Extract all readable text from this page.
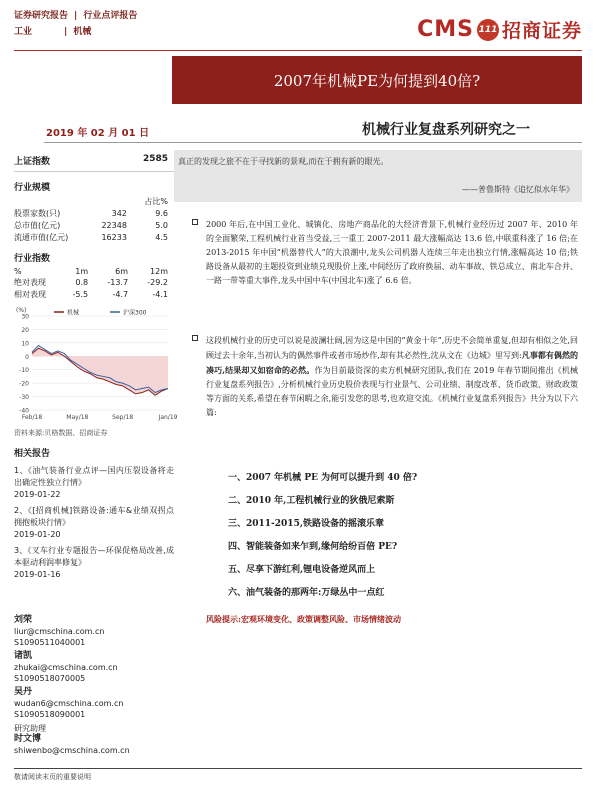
证券研究报告 | 行业点评报告
工业	| 机械	CMS 111 招商证券
2007年机械PE为何提到40倍?
2019 年 02 月 01 日	机械行业复盘系列研究之一
上证指数	2585
行业规模
		占比%
股票家数(只)	342	9.6
总市值(亿元)	22348	5.0
流通市值(亿元)	16233	4.5
行业指数
%	1m	6m	12m
绝对表现	0.8	-13.7	-29.2
相对表现	-5.5	-4.7	-4.1
30
20
10
0
-10
-20
-30
-40
(%)
Feb/18	May/18	Sep/18	Jan/19
机械	沪深300
资料来源:贝格数据、招商证券
相关报告
1、《油气装备行业点评—国内压裂设备将走出确定性独立行情》
2019-01-22
2、《[招商机械]铁路设备:通车&业绩双拐点 拥抱板块行情》
2019-01-20
3、《叉车行业专题报告—环保促格局改善,成本驱动利润率修复》
2019-01-16
刘荣
liur@cmschina.com.cn
S1090511040001
诸凯
zhukai@cmschina.com.cn
S1090518070005
吴丹
wudan6@cmschina.com.cn
S1090518090001
研究助理
时文博
shiwenbo@cmschina.com.cn
真正的发现之旅不在于寻找新的景观,而在于拥有新的眼光。
——普鲁斯特《追忆似水年华》
2000 年后,在中国工业化、城镇化、房地产商品化的大经济背景下,机械行业经历过 2007 年、2010 年的全面繁荣,工程机械行业首当受益,三一重工 2007-2011 最大涨幅高达 13.6 倍,中联重科涨了 16 倍;在 2013-2015 年中国“机器替代人”的大浪潮中,龙头公司机器人连续三年走出独立行情,涨幅高达 10 倍;铁路设备从最初的主题投资到业绩兑现股价上涨,中间经历了政府换届、动车事故、铁总成立、南北车合并、一路一带等重大事件,龙头中国中车(中国北车)涨了 6.6 倍。
这段机械行业的历史可以说是波澜壮阔,因为这是中国的“黄金十年”,历史不会简单重复,但却有相似之处,回顾过去十余年,当初认为的偶然事件或者市场炒作,却有其必然性,沈从文在《边城》里写到:凡事都有偶然的凑巧,结果却又如宿命的必然。作为目前最资深的卖方机械研究团队,我们在 2019 年春节期间推出《机械行业复盘系列报告》,分析机械行业历史股价表现与行业景气、公司业绩、制度改革、货币政策、财政政策等方面的关系,希望在春节闲暇之余,能引发您的思考,也欢迎交流。《机械行业复盘系列报告》共分为以下六篇:
一、2007 年机械 PE 为何可以提升到 40 倍?
二、2010 年,工程机械行业的狄俄尼索斯
三、2011-2015,铁路设备的摇滚乐章
四、智能装备如来乍到,缘何给纷百倍 PE?
五、尽享下游红利,锂电设备逆风而上
六、油气装备的那两年:万绿丛中一点红
风险提示:宏观环境变化、政策调整风险、市场情绪波动
敬请阅读末页的重要说明
